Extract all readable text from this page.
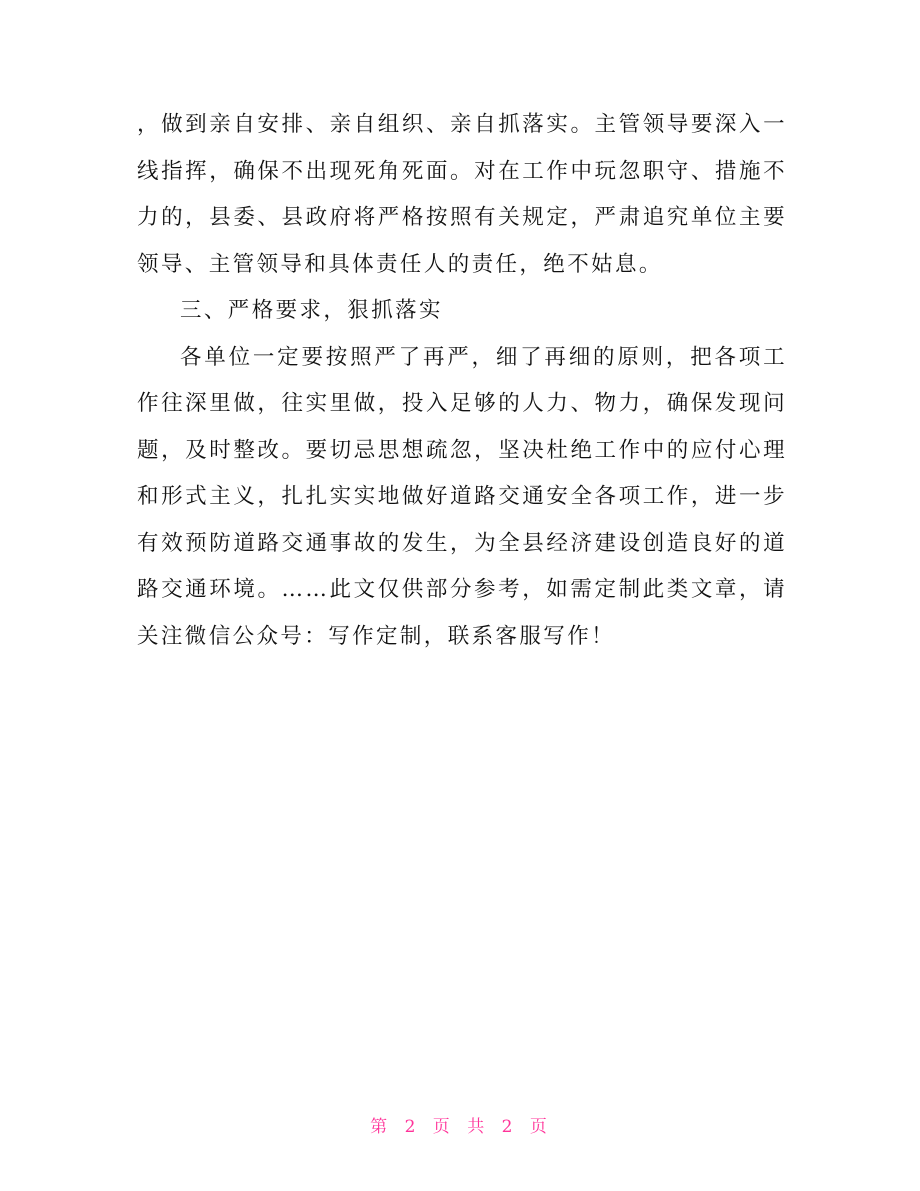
，做到亲自安排、亲自组织、亲自抓落实。主管领导要深入一线指挥，确保不出现死角死面。对在工作中玩忽职守、措施不力的，县委、县政府将严格按照有关规定，严肃追究单位主要领导、主管领导和具体责任人的责任，绝不姑息。

三、严格要求，狠抓落实

各单位一定要按照严了再严，细了再细的原则，把各项工作往深里做，往实里做，投入足够的人力、物力，确保发现问题，及时整改。要切忌思想疏忽，坚决杜绝工作中的应付心理和形式主义，扎扎实实地做好道路交通安全各项工作，进一步有效预防道路交通事故的发生，为全县经济建设创造良好的道路交通环境。……此文仅供部分参考，如需定制此类文章，请关注微信公众号：写作定制，联系客服写作！

第 2 页 共 2 页
